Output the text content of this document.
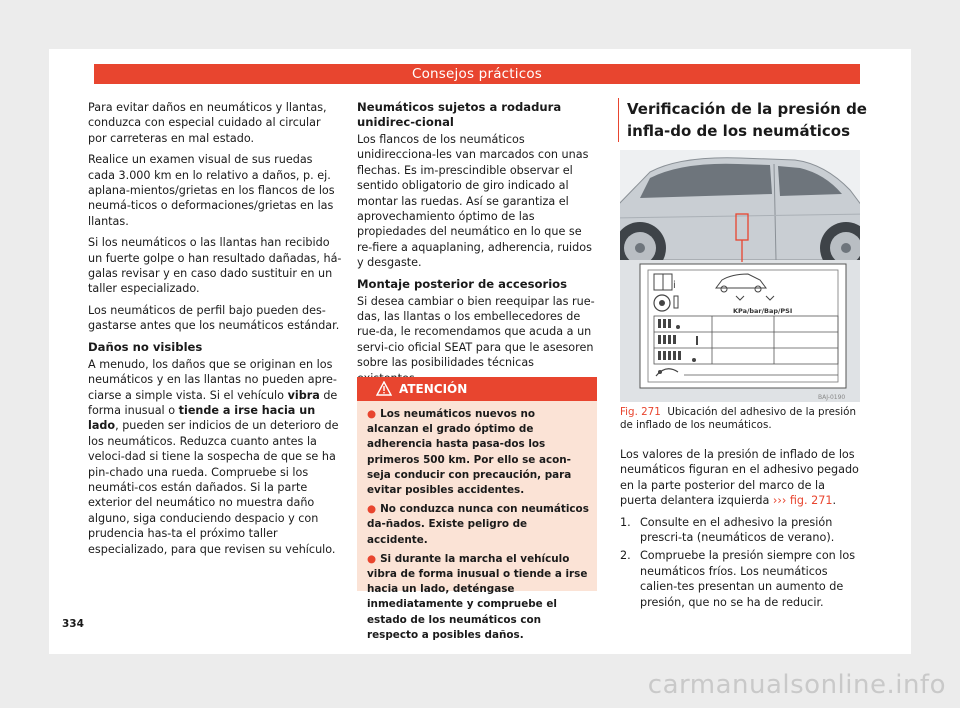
Consejos prácticos

Para evitar daños en neumáticos y llantas, conduzca con especial cuidado al circular por carreteras en mal estado.

Realice un examen visual de sus ruedas cada 3.000 km en lo relativo a daños, p. ej. aplana-mientos/grietas en los flancos de los neumá-ticos o deformaciones/grietas en las llantas.

Si los neumáticos o las llantas han recibido un fuerte golpe o han resultado dañadas, há-galas revisar y en caso dado sustituir en un taller especializado.

Los neumáticos de perfil bajo pueden des-gastarse antes que los neumáticos estándar.

Daños no visibles

A menudo, los daños que se originan en los neumáticos y en las llantas no pueden apre-ciarse a simple vista. Si el vehículo vibra de forma inusual o tiende a irse hacia un lado, pueden ser indicios de un deterioro de los neumáticos. Reduzca cuanto antes la veloci-dad si tiene la sospecha de que se ha pin-chado una rueda. Compruebe si los neumáti-cos están dañados. Si la parte exterior del neumático no muestra daño alguno, siga conduciendo despacio y con prudencia has-ta el próximo taller especializado, para que revisen su vehículo.

Neumáticos sujetos a rodadura unidirec-cional

Los flancos de los neumáticos unidirecciona-les van marcados con unas flechas. Es im-prescindible observar el sentido obligatorio de giro indicado al montar las ruedas. Así se garantiza el aprovechamiento óptimo de las propiedades del neumático en lo que se re-fiere a aquaplaning, adherencia, ruidos y desgaste.

Montaje posterior de accesorios

Si desea cambiar o bien reequipar las rue-das, las llantas o los embellecedores de rue-da, le recomendamos que acuda a un servi-cio oficial SEAT para que le asesoren sobre las posibilidades técnicas

ATENCIÓN
● Los neumáticos nuevos no alcanzan el grado óptimo de adherencia hasta pasa-dos los primeros 500 km. Por ello se acon-seja conducir con precaución, para evitar posibles accidentes.
● No conduzca nunca con neumáticos da-ñados. Existe peligro de accidente.
● Si durante la marcha el vehículo vibra de forma inusual o tiende a irse hacia un lado, deténgase inmediatamente y compruebe el estado de los neumáticos con respecto a posibles daños.
Verificación de la presión de infla-do de los neumáticos
i
KPa/bar/Bap/PSI
BAJ-0190
Fig. 271 Ubicación del adhesivo de la presión de inflado de los neumáticos.

Los valores de la presión de inflado de los neumáticos figuran en el adhesivo pegado en la parte posterior del marco de la puerta delantera izquierda ››› fig. 271.

1. Consulte en el adhesivo la presión prescri-ta (neumáticos de verano).
2. Compruebe la presión siempre con los neumáticos fríos. Los neumáticos calien-tes presentan un aumento de presión, que no se ha de reducir.
334
carmanualsonline.info
